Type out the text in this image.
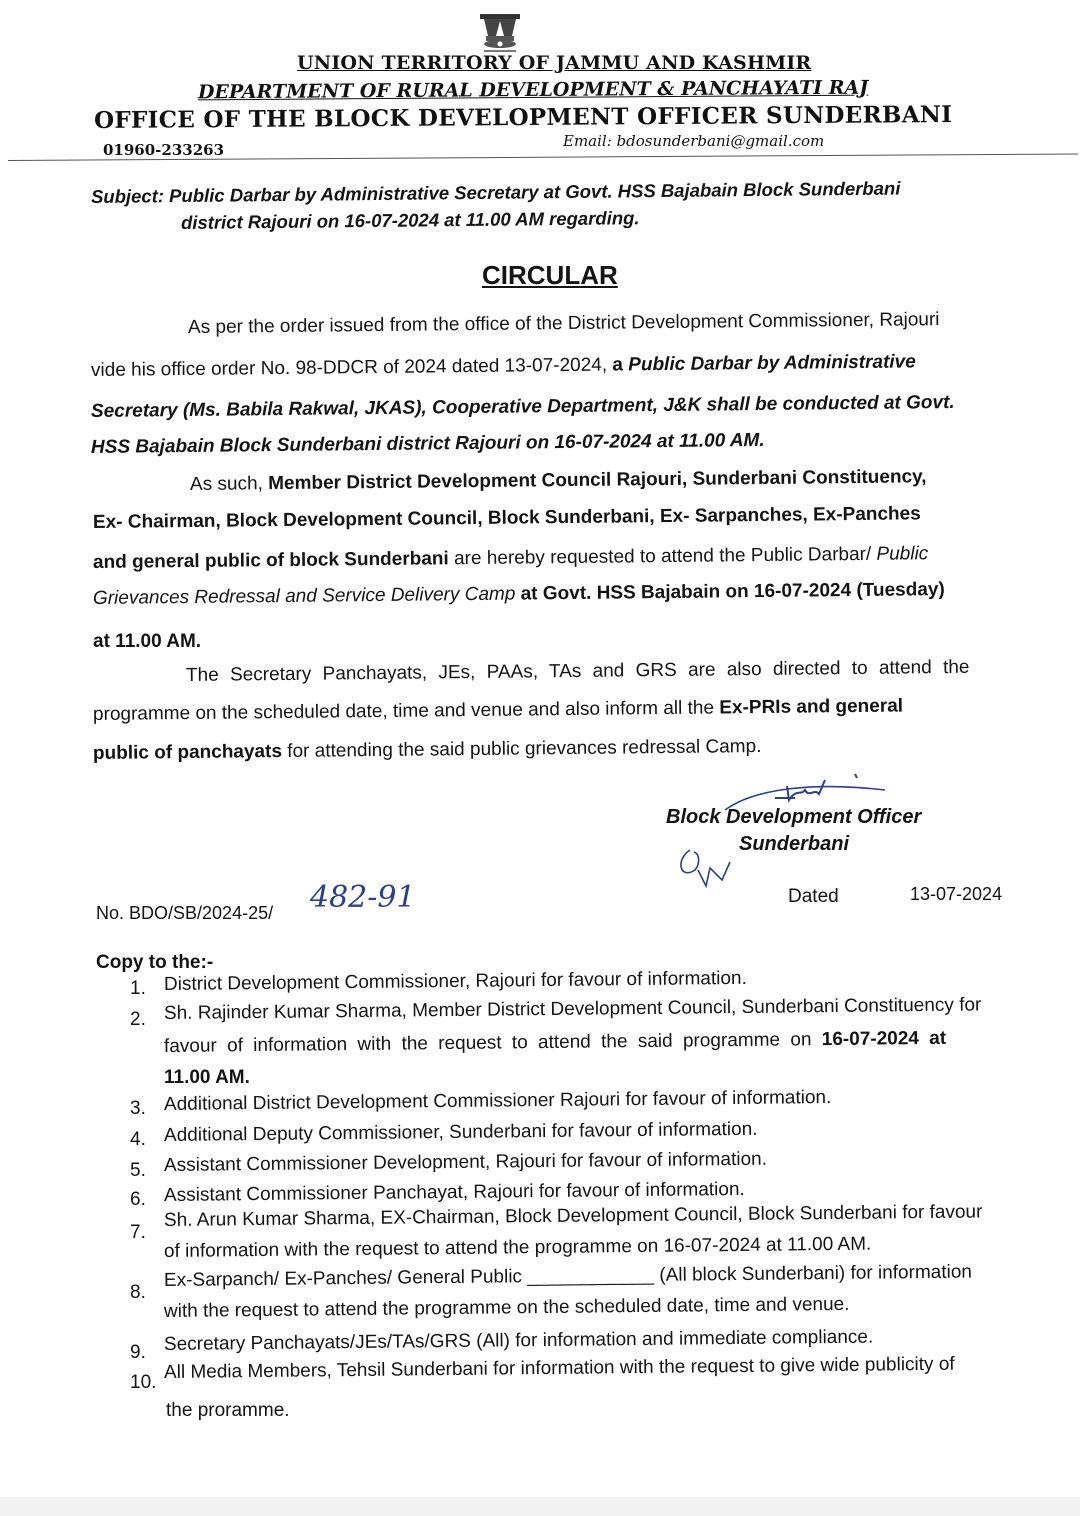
UNION TERRITORY OF JAMMU AND KASHMIR
DEPARTMENT OF RURAL DEVELOPMENT & PANCHAYATI RAJ
OFFICE OF THE BLOCK DEVELOPMENT OFFICER SUNDERBANI
01960-233263	Email: bdosunderbani@gmail.com
Subject: Public Darbar by Administrative Secretary at Govt. HSS Bajabain Block Sunderbani
district Rajouri on 16-07-2024 at 11.00 AM regarding.
CIRCULAR
As per the order issued from the office of the District Development Commissioner, Rajouri
vide his office order No. 98-DDCR of 2024 dated 13-07-2024, a Public Darbar by Administrative
Secretary (Ms. Babila Rakwal, JKAS), Cooperative Department, J&K shall be conducted at Govt.
HSS Bajabain Block Sunderbani district Rajouri on 16-07-2024 at 11.00 AM.
As such, Member District Development Council Rajouri, Sunderbani Constituency,
Ex- Chairman, Block Development Council, Block Sunderbani, Ex- Sarpanches, Ex-Panches
and general public of block Sunderbani are hereby requested to attend the Public Darbar/ Public
Grievances Redressal and Service Delivery Camp at Govt. HSS Bajabain on 16-07-2024 (Tuesday)
at 11.00 AM.
The Secretary Panchayats, JEs, PAAs, TAs and GRS are also directed to attend the
programme on the scheduled date, time and venue and also inform all the Ex-PRIs and general
public of panchayats for attending the said public grievances redressal Camp.
Block Development Officer
Sunderbani
No. BDO/SB/2024-25/ 482-91	Dated	13-07-2024
Copy to the:-
1. District Development Commissioner, Rajouri for favour of information.
2. Sh. Rajinder Kumar Sharma, Member District Development Council, Sunderbani Constituency for
favour of information with the request to attend the said programme on 16-07-2024 at
11.00 AM.
3. Additional District Development Commissioner Rajouri for favour of information.
4. Additional Deputy Commissioner, Sunderbani for favour of information.
5. Assistant Commissioner Development, Rajouri for favour of information.
6. Assistant Commissioner Panchayat, Rajouri for favour of information.
7.
Sh. Arun Kumar Sharma, EX-Chairman, Block Development Council, Block Sunderbani for favour
of information with the request to attend the programme on 16-07-2024 at 11.00 AM.
8.
Ex-Sarpanch/ Ex-Panches/ General Public ____________ (All block Sunderbani) for information
with the request to attend the programme on the scheduled date, time and venue.
9. Secretary Panchayats/JEs/TAs/GRS (All) for information and immediate compliance.
10. All Media Members, Tehsil Sunderbani for information with the request to give wide publicity of
the proramme.
